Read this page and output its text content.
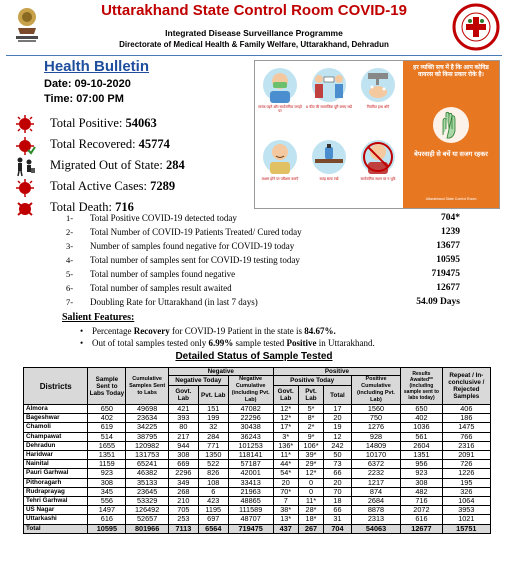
Uttarakhand State Control Room COVID-19
Integrated Disease Surveillance Programme
Directorate of Medical Health & Family Welfare, Uttarakhand, Dehradun
Health Bulletin
Date: 09-10-2020
Time: 07:00 PM
Total Positive: 54063
Total Recovered: 45774
Migrated Out of State: 284
Total Active Cases: 7289
Total Death: 716
मास्क पहने और सार्वजनिक जगहों पर
6 फीट की सामाजिक दूरी बनाए रखें	नियमित हाथ धोएँ
लक्षण होने पर परीक्षण कराएँ	सतह साफ रखें	सार्वजनिक स्थान पर न थूकें
हर व्यक्ति सच में है कि आप कोविड वायरस को किस प्रकार रोके है।
बेपरवाही से बचें या सजग रहकर
Uttarakhand State Control Room
1- Total Positive COVID-19 detected today	704*
2- Total Number of COVID-19 Patients Treated/ Cured today	1239
3- Number of samples found negative for COVID-19 today	13677
4- Total number of samples sent for COVID-19 testing today	10595
5- Total number of samples found negative	719475
6- Total number of samples result awaited	12677
7- Doubling Rate for Uttarakhand (in last 7 days)	54.09 Days
Salient Features:
• Percentage Recovery for COVID-19 Patient in the state is 84.67%.
• Out of total samples tested only 6.99% sample tested Positive in Uttarakhand.
Detailed Status of Sample Tested
Districts	Sample Sent to Labs Today	Cumulative Samples Sent to Labs	Negative			Positive				Results Awaited** (including sample sent to labs today)	Repeat / In-conclusive / Rejected Samples
			Negative Today		Negative Cumulative (including Pvt. Lab)	Positive Today			Positive Cumulative (including Pvt. Lab)		
			Govt. Lab	Pvt. Lab		Govt. Lab	Pvt. Lab	Total			
Almora	650	49698	421	151	47082	12*	5*	17	1560	650	406
Bageshwar	402	23634	393	199	22296	12*	8*	20	750	402	186
Chamoli	619	34225	80	32	30438	17*	2*	19	1276	1036	1475
Champawat	514	38795	217	284	36243	3*	9*	12	928	561	766
Dehradun	1655	120982	944	771	101253	136*	106*	242	14809	2604	2316
Haridwar	1351	131753	308	1350	118141	11*	39*	50	10170	1351	2091
Nainital	1159	65241	669	522	57187	44*	29*	73	6372	956	726
Pauri Garhwal	923	46382	2296	826	42001	54*	12*	66	2232	923	1226
Pithoragarh	308	35133	349	108	33413	20	0	20	1217	308	195
Rudraprayag	345	23645	268	6	21963	70*	0	70	874	482	326
Tehri Garhwal	556	53329	210	423	48865	7	11*	18	2684	716	1064
US Nagar	1497	126492	705	1195	111589	38*	28*	66	8878	2072	3953
Uttarkashi	616	52657	253	697	48707	13*	18*	31	2313	616	1021
Total	10595	801966	7113	6564	719475	437	267	704	54063	12677	15751
